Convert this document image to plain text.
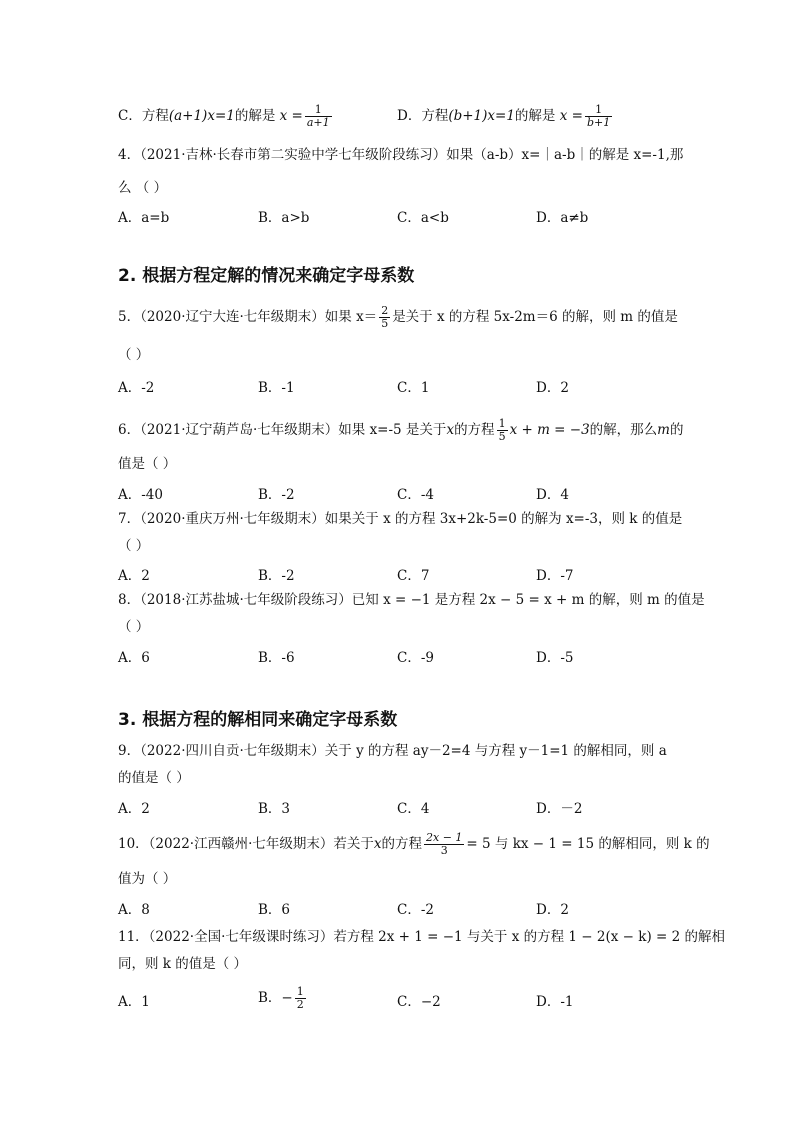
C．方程(a+1)x=1的解是 $x = \frac{1}{a+1}$	D．方程(b+1)x=1的解是 $x = \frac{1}{b+1}$
4．（2021·吉林·长春市第二实验中学七年级阶段练习）如果（a-b）x=｜a-b｜的解是 x=-1,那
么 （ ）
A．a=b	B．a>b	C．a<b	D．a≠b
2. 根据方程定解的情况来确定字母系数
5．（2020·辽宁大连·七年级期末）如果 $x= \frac{2}{5}$ 是关于 x 的方程 5x-2m＝6 的解，则 m 的值是
（ ）
A．-2	B．-1	C．1	D．2
6．（2021·辽宁葫芦岛·七年级期末）如果 x=-5 是关于x的方程 $\frac{1}{5}$ x + m = −3的解，那么m的
值是（ ）
A．-40	B．-2	C．-4	D．4
7．（2020·重庆万州·七年级期末）如果关于 x 的方程 3x+2k-5=0 的解为 x=-3，则 k 的值是
（ ）
A．2	B．-2	C．7	D．-7
8．（2018·江苏盐城·七年级阶段练习）已知 x = −1 是方程 2x − 5 = x + m 的解，则 m 的值是
（ ）
A．6	B．-6	C．-9	D．-5
3. 根据方程的解相同来确定字母系数
9．（2022·四川自贡·七年级期末）关于 y 的方程 ay－2=4 与方程 y－1=1 的解相同，则 a
的值是（ ）
A．2	B．3	C．4	D．－2
10．（2022·江西赣州·七年级期末）若关于x的方程 $\frac{2x - 1}{3} = 5$ 与 kx − 1 = 15 的解相同，则 k 的
值为（ ）
A．8	B．6	C．-2	D．2
11．（2022·全国·七年级课时练习）若方程 2x + 1 = −1 与关于 x 的方程 1 − 2(x − k) = 2 的解相
同，则 k 的值是（ ）
A．1	B．− $\frac{1}{2}$	C．−2	D．-1
